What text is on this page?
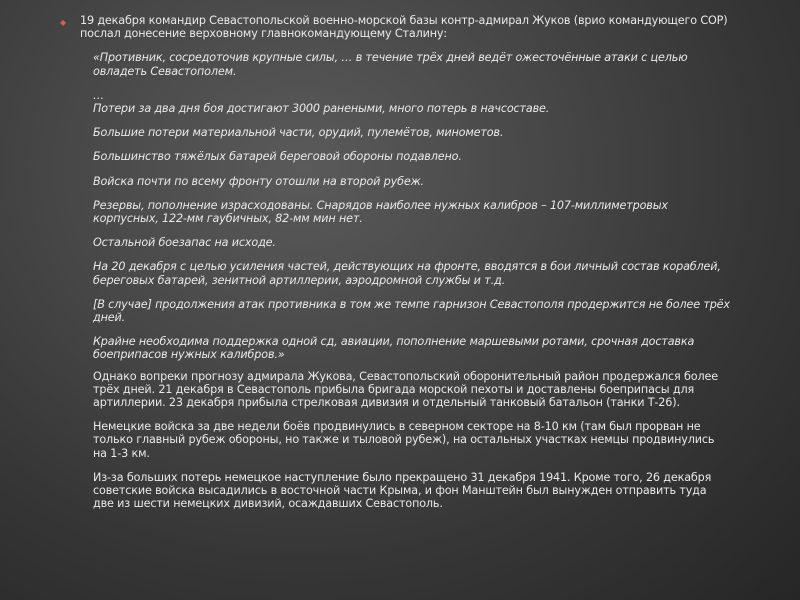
◆ 19 декабря командир Севастопольской военно-морской базы контр-адмирал Жуков (врио командующего СОР) послал донесение верховному главнокомандующему Сталину:

«Противник, сосредоточив крупные силы, … в течение трёх дней ведёт ожесточённые атаки с целью овладеть Севастополем.

…

Потери за два дня боя достигают 3000 ранеными, много потерь в начсоставе.

Большие потери материальной части, орудий, пулемётов, минометов.

Большинство тяжёлых батарей береговой обороны подавлено.

Войска почти по всему фронту отошли на второй рубеж.

Резервы, пополнение израсходованы. Снарядов наиболее нужных калибров – 107-миллиметровых корпусных, 122-мм гаубичных, 82-мм мин нет.

Остальной боезапас на исходе.

На 20 декабря с целью усиления частей, действующих на фронте, вводятся в бои личный состав кораблей, береговых батарей, зенитной артиллерии, аэродромной службы и т.д.

[В случае] продолжения атак противника в том же темпе гарнизон Севастополя продержится не более трёх дней.

Крайне необходима поддержка одной сд, авиации, пополнение маршевыми ротами, срочная доставка боеприпасов нужных калибров.»

Однако вопреки прогнозу адмирала Жукова, Севастопольский оборонительный район продержался более трёх дней. 21 декабря в Севастополь прибыла бригада морской пехоты и доставлены боеприпасы для артиллерии. 23 декабря прибыла стрелковая дивизия и отдельный танковый батальон (танки Т-26).

Немецкие войска за две недели боёв продвинулись в северном секторе на 8-10 км (там был прорван не только главный рубеж обороны, но также и тыловой рубеж), на остальных участках немцы продвинулись на 1-3 км.

Из-за больших потерь немецкое наступление было прекращено 31 декабря 1941. Кроме того, 26 декабря советские войска высадились в восточной части Крыма, и фон Манштейн был вынужден отправить туда две из шести немецких дивизий, осаждавших Севастополь.
